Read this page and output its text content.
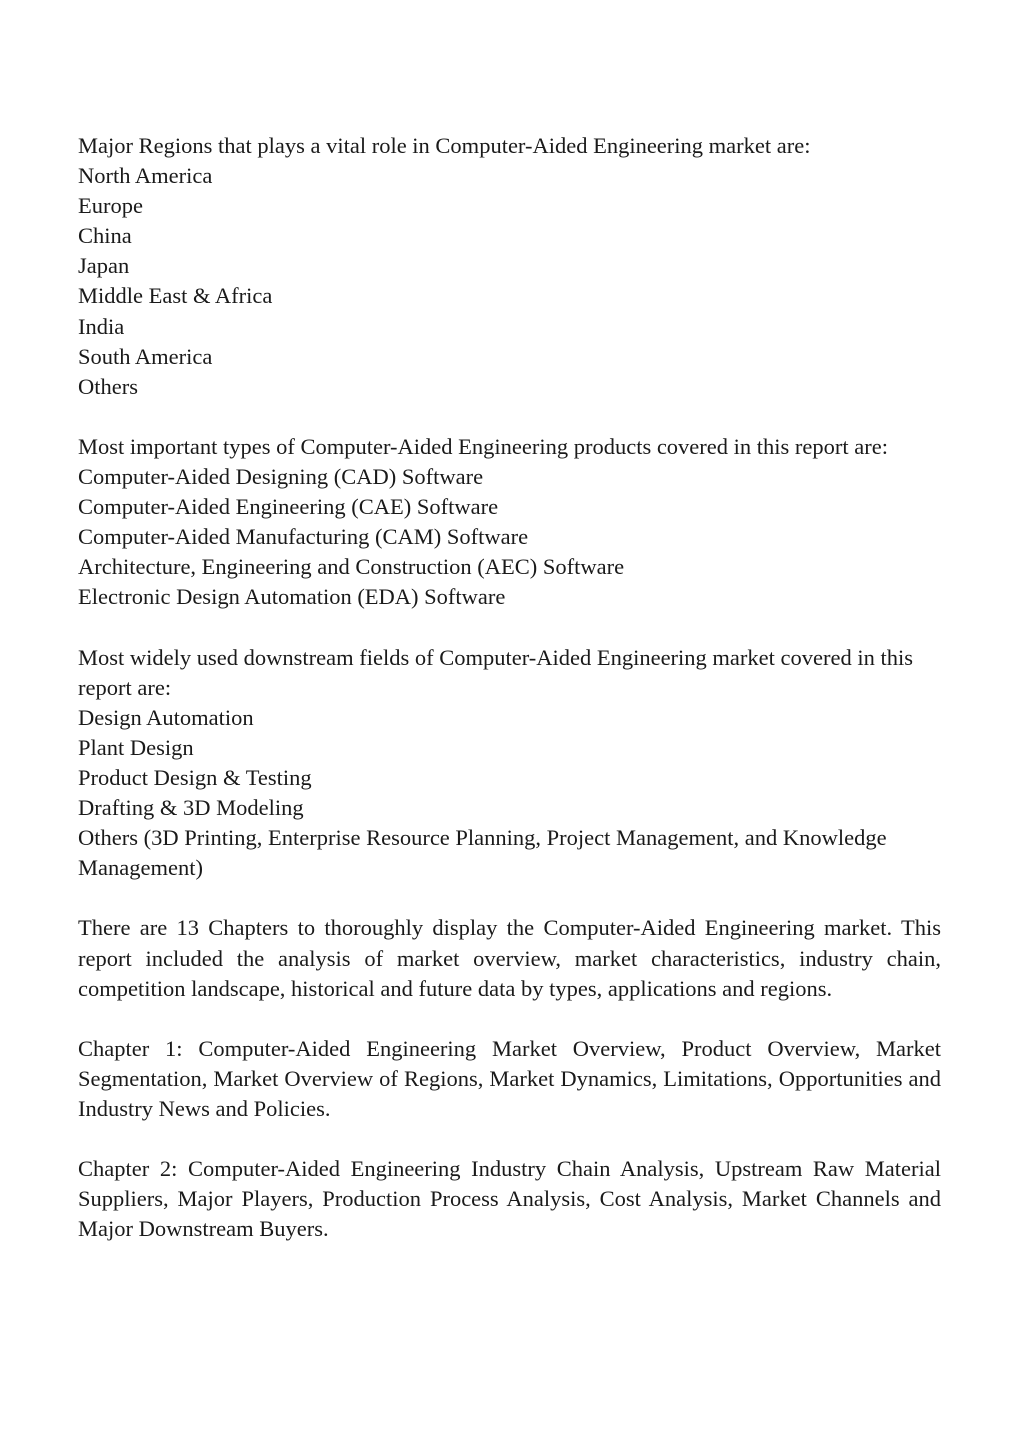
Major Regions that plays a vital role in Computer-Aided Engineering market are:
North America
Europe
China
Japan
Middle East & Africa
India
South America
Others
Most important types of Computer-Aided Engineering products covered in this report are:
Computer-Aided Designing (CAD) Software
Computer-Aided Engineering (CAE) Software
Computer-Aided Manufacturing (CAM) Software
Architecture, Engineering and Construction (AEC) Software
Electronic Design Automation (EDA) Software
Most widely used downstream fields of Computer-Aided Engineering market covered in this report are:
Design Automation
Plant Design
Product Design & Testing
Drafting & 3D Modeling
Others (3D Printing, Enterprise Resource Planning, Project Management, and Knowledge Management)
There are 13 Chapters to thoroughly display the Computer-Aided Engineering market. This report included the analysis of market overview, market characteristics, industry chain, competition landscape, historical and future data by types, applications and regions.
Chapter 1: Computer-Aided Engineering Market Overview, Product Overview, Market Segmentation, Market Overview of Regions, Market Dynamics, Limitations, Opportunities and Industry News and Policies.
Chapter 2: Computer-Aided Engineering Industry Chain Analysis, Upstream Raw Material Suppliers, Major Players, Production Process Analysis, Cost Analysis, Market Channels and Major Downstream Buyers.
